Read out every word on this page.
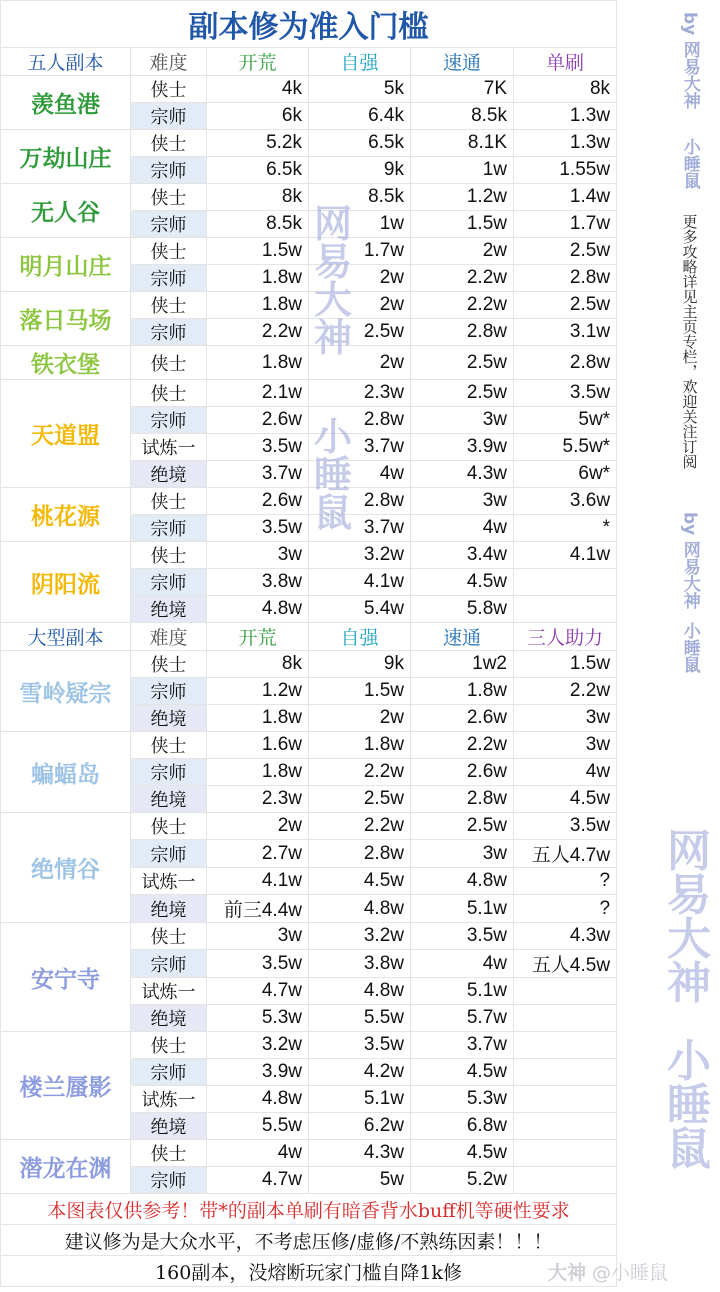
副本修为准入门槛					
五人副本	难度	开荒	自强	速通	单刷
羡鱼港	侠士	4k	5k	7K	8k
	宗师	6k	6.4k	8.5k	1.3w
万劫山庄	侠士	5.2k	6.5k	8.1K	1.3w
	宗师	6.5k	9k	1w	1.55w
无人谷	侠士	8k	8.5k	1.2w	1.4w
	宗师	8.5k	1w	1.5w	1.7w
明月山庄	侠士	1.5w	1.7w	2w	2.5w
	宗师	1.8w	2w	2.2w	2.8w
落日马场	侠士	1.8w	2w	2.2w	2.5w
	宗师	2.2w	2.5w	2.8w	3.1w
铁衣堡	侠士	1.8w	2w	2.5w	2.8w
天道盟	侠士	2.1w	2.3w	2.5w	3.5w
	宗师	2.6w	2.8w	3w	5w*
	试炼一	3.5w	3.7w	3.9w	5.5w*
	绝境	3.7w	4w	4.3w	6w*
桃花源	侠士	2.6w	2.8w	3w	3.6w
	宗师	3.5w	3.7w	4w	*
阴阳流	侠士	3w	3.2w	3.4w	4.1w
	宗师	3.8w	4.1w	4.5w	
	绝境	4.8w	5.4w	5.8w	
大型副本	难度	开荒	自强	速通	三人助力
雪岭疑宗	侠士	8k	9k	1w2	1.5w
	宗师	1.2w	1.5w	1.8w	2.2w
	绝境	1.8w	2w	2.6w	3w
蝙蝠岛	侠士	1.6w	1.8w	2.2w	3w
	宗师	1.8w	2.2w	2.6w	4w
	绝境	2.3w	2.5w	2.8w	4.5w
绝情谷	侠士	2w	2.2w	2.5w	3.5w
	宗师	2.7w	2.8w	3w	五人4.7w
	试炼一	4.1w	4.5w	4.8w	?
	绝境	前三4.4w	4.8w	5.1w	?
安宁寺	侠士	3w	3.2w	3.5w	4.3w
	宗师	3.5w	3.8w	4w	五人4.5w
	试炼一	4.7w	4.8w	5.1w	
	绝境	5.3w	5.5w	5.7w	
楼兰蜃影	侠士	3.2w	3.5w	3.7w	
	宗师	3.9w	4.2w	4.5w	
	试炼一	4.8w	5.1w	5.3w	
	绝境	5.5w	6.2w	6.8w	
潜龙在渊	侠士	4w	4.3w	4.5w	
	宗师	4.7w	5w	5.2w	
本图表仅供参考！带*的副本单刷有暗香背水buff机等硬性要求					
建议修为是大众水平，不考虑压修/虚修/不熟练因素！！！					
160副本，没熔断玩家门槛自降1k修					
网易大神
小睡鼠
网易大神
小睡鼠
by 网易大神
小睡鼠
更多攻略详见主页专栏，欢迎关注订阅
by 网易大神
小睡鼠
大神 @小睡鼠
